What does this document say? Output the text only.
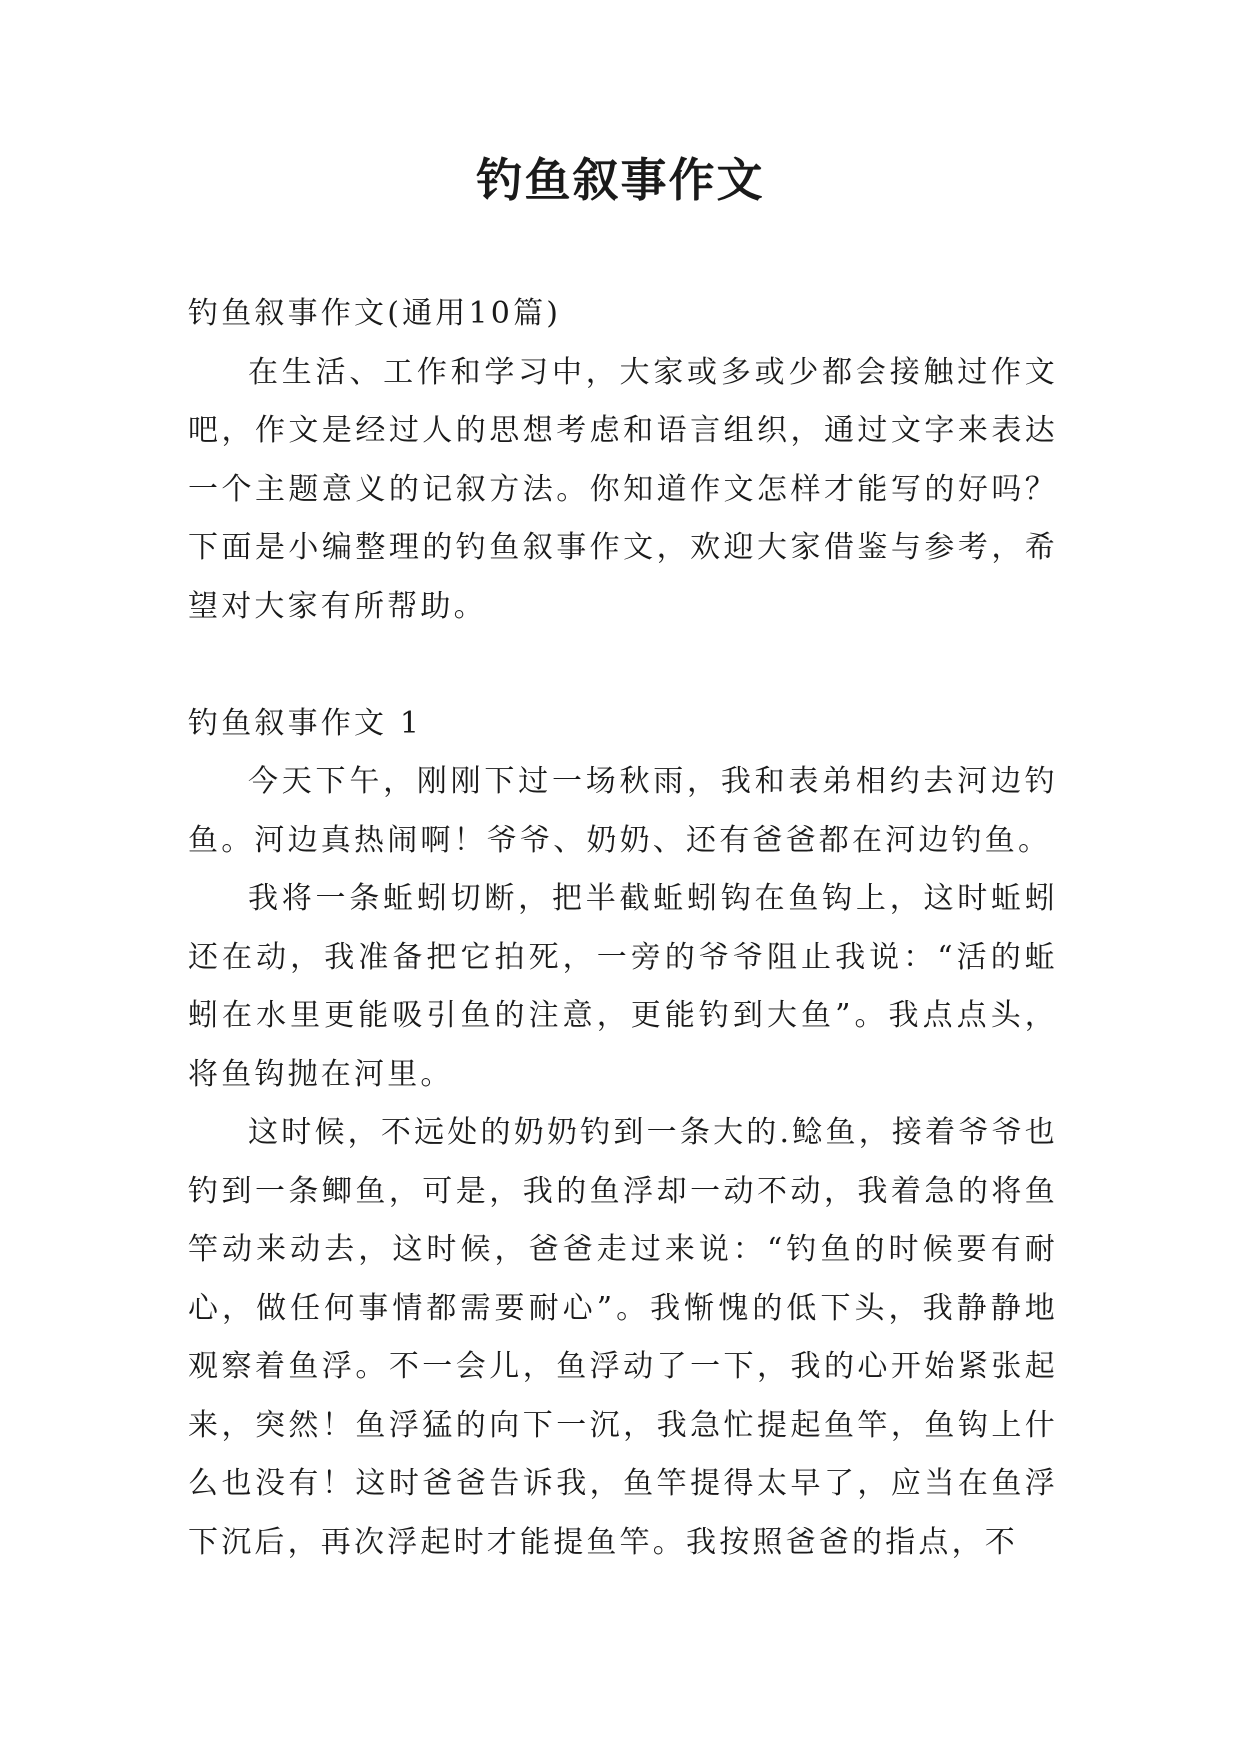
钓鱼叙事作文

钓鱼叙事作文(通用10篇)

在生活、工作和学习中，大家或多或少都会接触过作文吧，作文是经过人的思想考虑和语言组织，通过文字来表达一个主题意义的记叙方法。你知道作文怎样才能写的好吗？下面是小编整理的钓鱼叙事作文，欢迎大家借鉴与参考，希望对大家有所帮助。

钓鱼叙事作文 1

今天下午，刚刚下过一场秋雨，我和表弟相约去河边钓鱼。河边真热闹啊！爷爷、奶奶、还有爸爸都在河边钓鱼。

我将一条蚯蚓切断，把半截蚯蚓钩在鱼钩上，这时蚯蚓还在动，我准备把它拍死，一旁的爷爷阻止我说：“活的蚯蚓在水里更能吸引鱼的注意，更能钓到大鱼”。我点点头，将鱼钩抛在河里。

这时候，不远处的奶奶钓到一条大的.鲶鱼，接着爷爷也钓到一条鲫鱼，可是，我的鱼浮却一动不动，我着急的将鱼竿动来动去，这时候，爸爸走过来说：“钓鱼的时候要有耐心，做任何事情都需要耐心”。我惭愧的低下头，我静静地观察着鱼浮。不一会儿，鱼浮动了一下，我的心开始紧张起来，突然！鱼浮猛的向下一沉，我急忙提起鱼竿，鱼钩上什么也没有！这时爸爸告诉我，鱼竿提得太早了，应当在鱼浮下沉后，再次浮起时才能提鱼竿。我按照爸爸的指点，不
